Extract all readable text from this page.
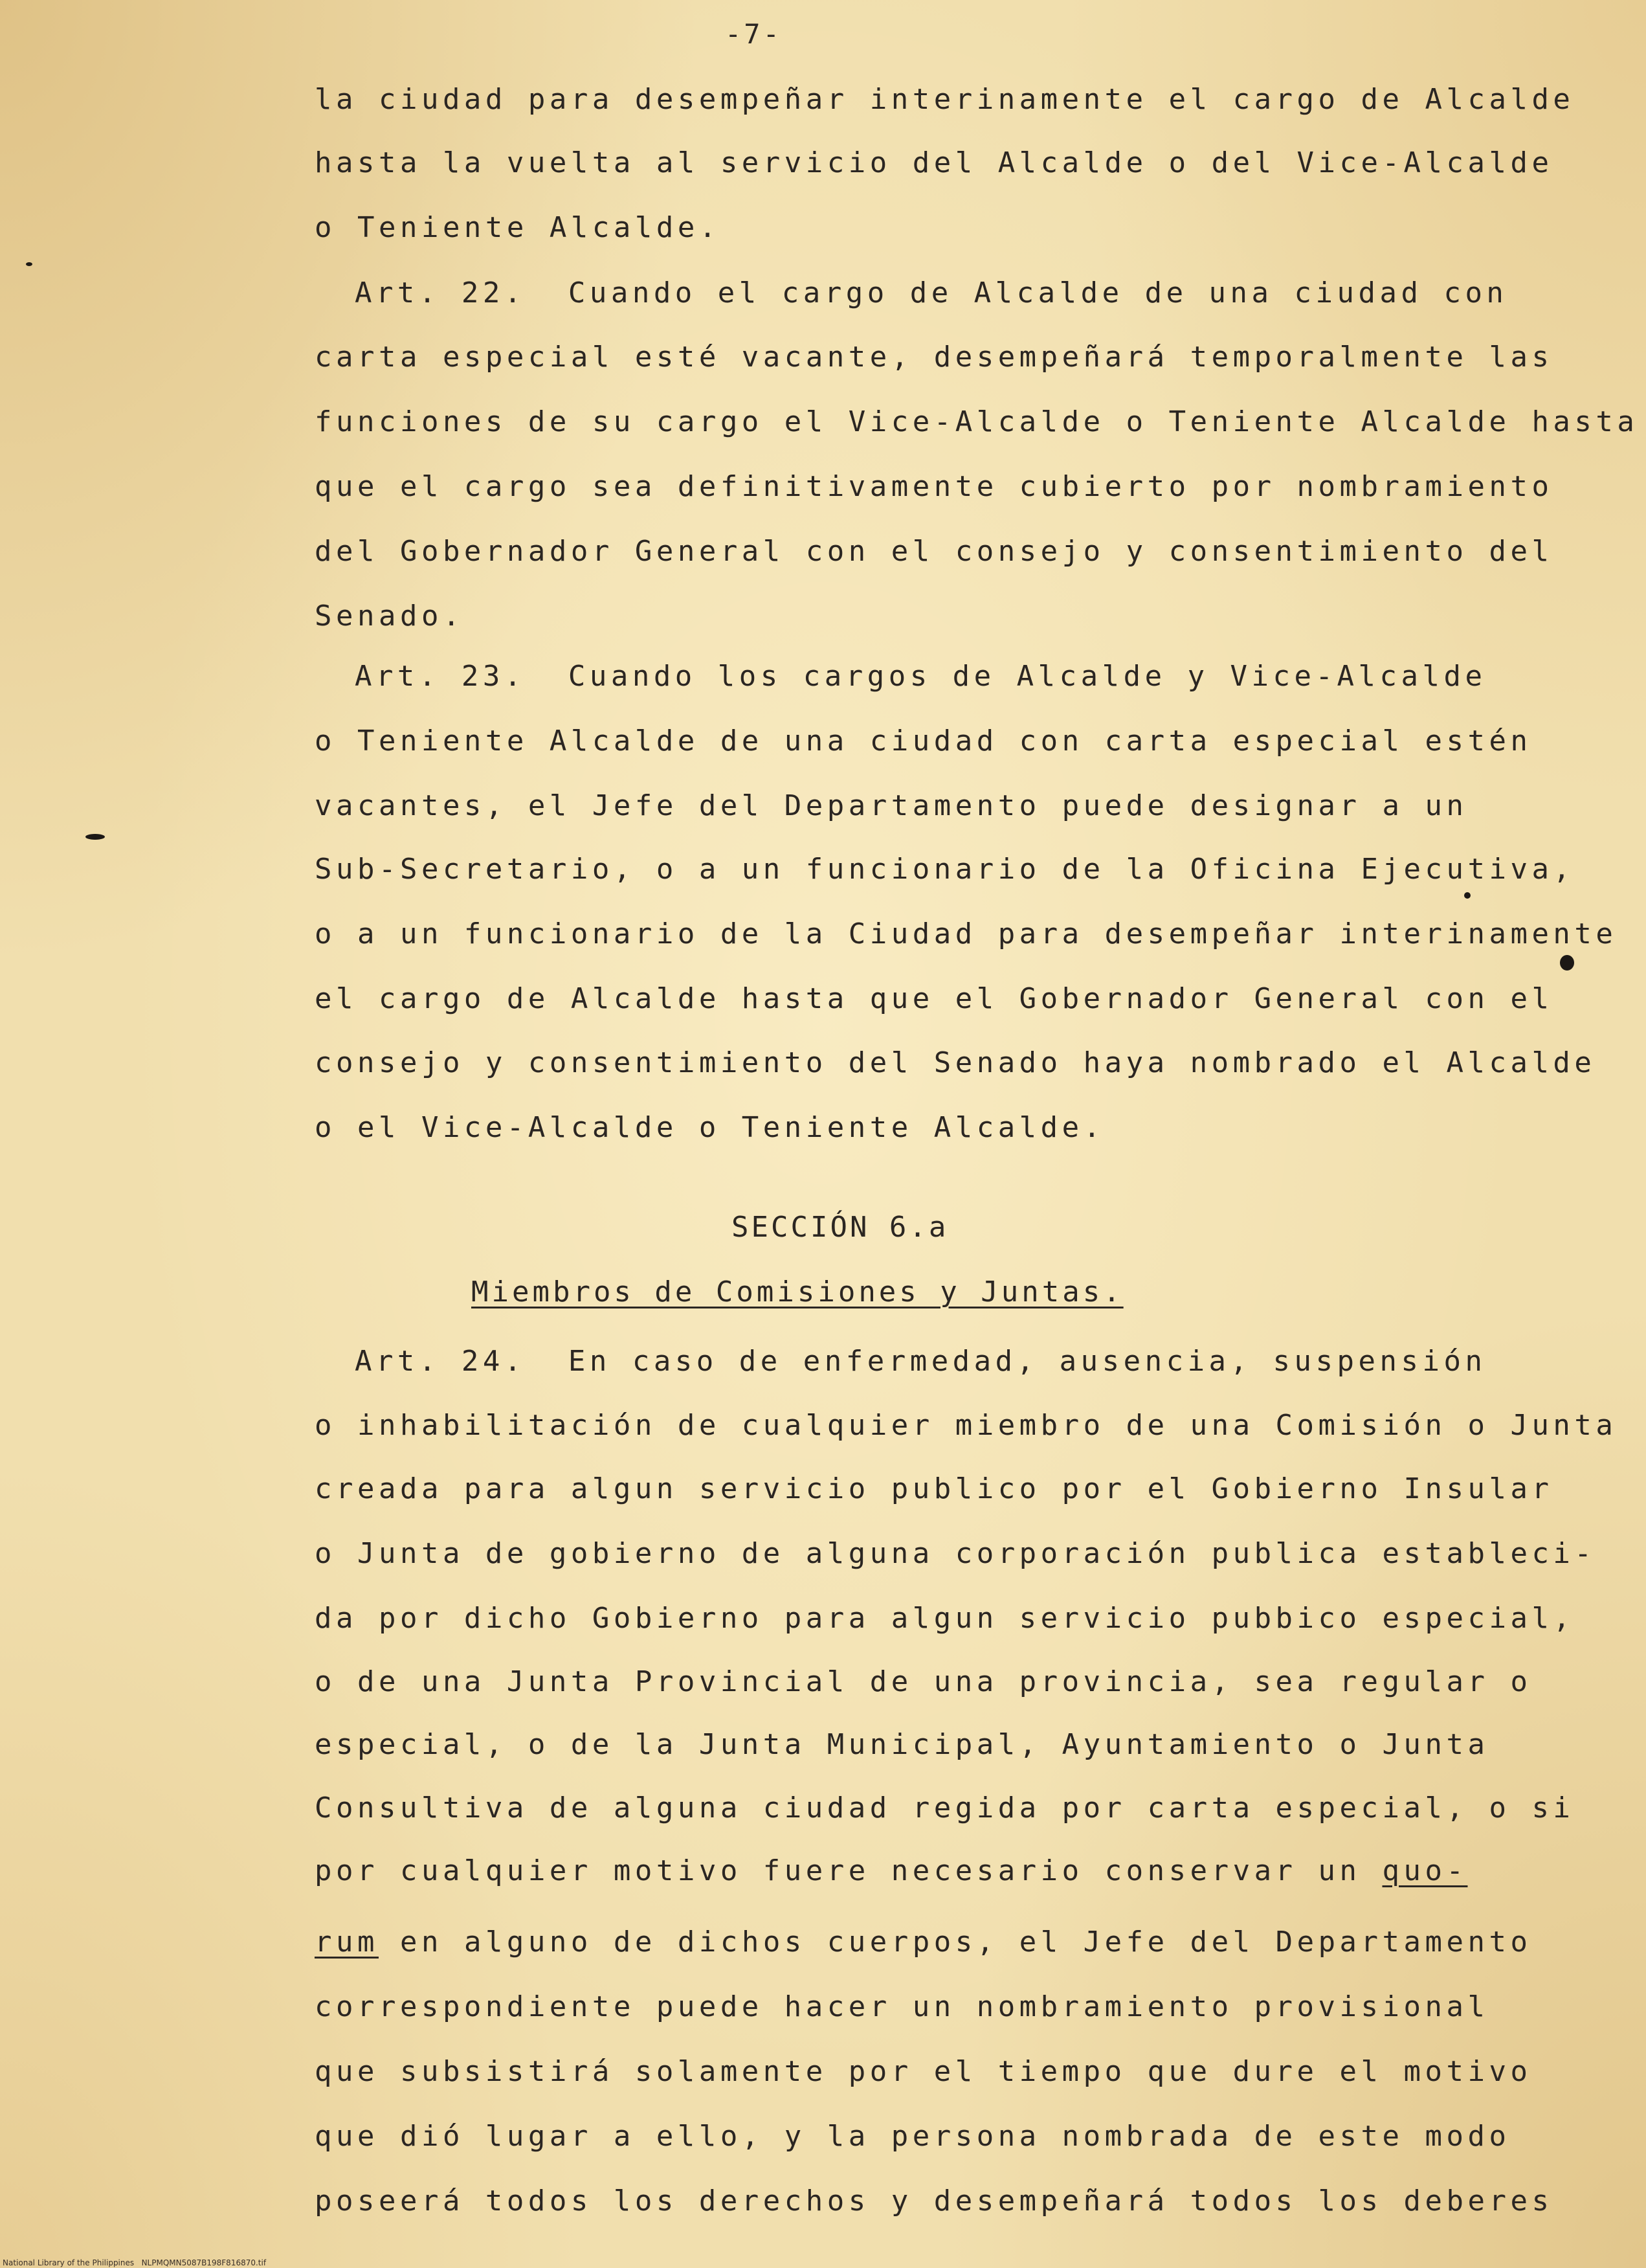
-7-
la ciudad para desempeñar interinamente el cargo de Alcalde
hasta la vuelta al servicio del Alcalde o del Vice-Alcalde
o Teniente Alcalde.
Art. 22.  Cuando el cargo de Alcalde de una ciudad con
carta especial esté vacante, desempeñará temporalmente las
funciones de su cargo el Vice-Alcalde o Teniente Alcalde hasta
que el cargo sea definitivamente cubierto por nombramiento
del Gobernador General con el consejo y consentimiento del
Senado.
Art. 23.  Cuando los cargos de Alcalde y Vice-Alcalde
o Teniente Alcalde de una ciudad con carta especial estén
vacantes, el Jefe del Departamento puede designar a un
Sub-Secretario, o a un funcionario de la Oficina Ejecutiva,
o a un funcionario de la Ciudad para desempeñar interinamente
el cargo de Alcalde hasta que el Gobernador General con el
consejo y consentimiento del Senado haya nombrado el Alcalde
o el Vice-Alcalde o Teniente Alcalde.
SECCIÓN 6.a
Miembros de Comisiones y Juntas.
Art. 24.  En caso de enfermedad, ausencia, suspensión
o inhabilitación de cualquier miembro de una Comisión o Junta
creada para algun servicio publico por el Gobierno Insular
o Junta de gobierno de alguna corporación publica estableci-
da por dicho Gobierno para algun servicio pubbico especial,
o de una Junta Provincial de una provincia, sea regular o
especial, o de la Junta Municipal, Ayuntamiento o Junta
Consultiva de alguna ciudad regida por carta especial, o si
por cualquier motivo fuere necesario conservar un quo-
rum en alguno de dichos cuerpos, el Jefe del Departamento
correspondiente puede hacer un nombramiento provisional
que subsistirá solamente por el tiempo que dure el motivo
que dió lugar a ello, y la persona nombrada de este modo
poseerá todos los derechos y desempeñará todos los deberes
National Library of the Philippines   NLPMQMN5087B198F816870.tif
